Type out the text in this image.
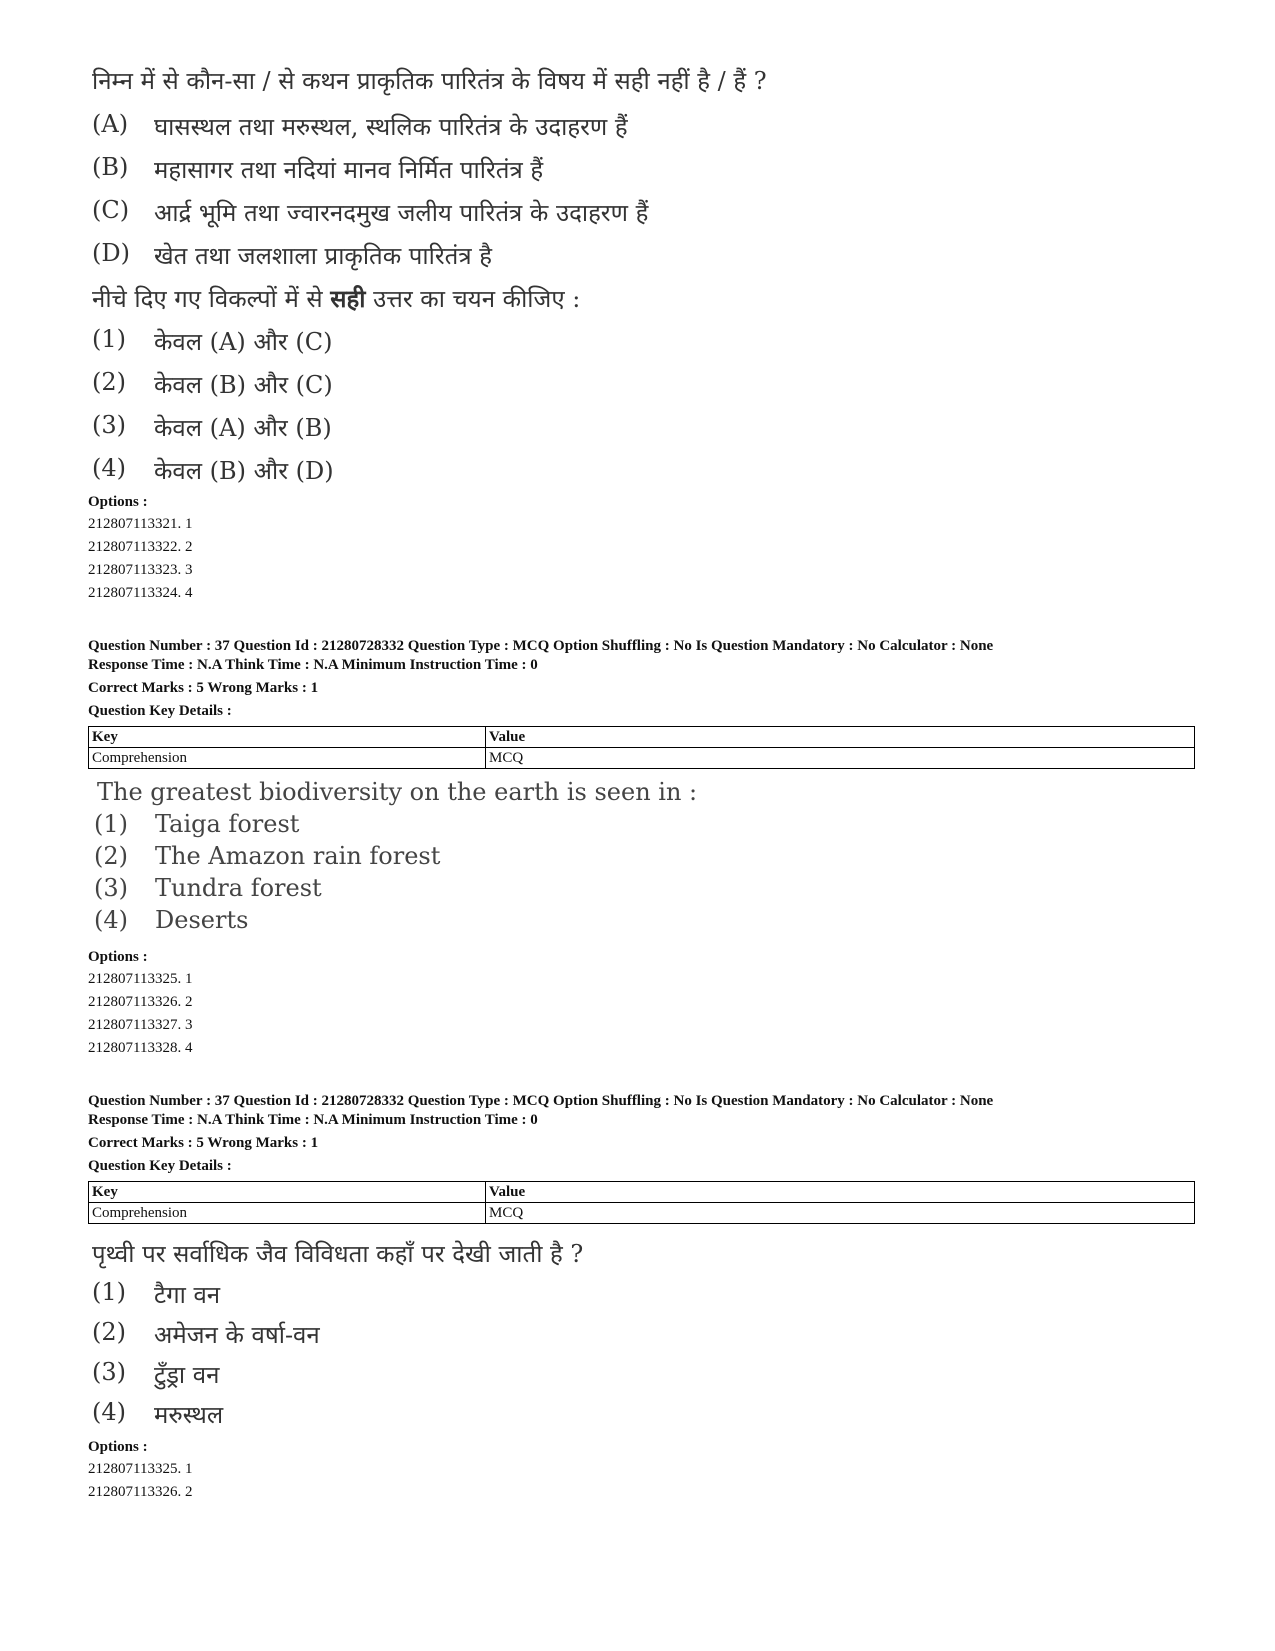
निम्न में से कौन-सा / से कथन प्राकृतिक पारितंत्र के विषय में सही नहीं है / हैं ?
(A) घासस्थल तथा मरुस्थल, स्थलिक पारितंत्र के उदाहरण हैं
(B) महासागर तथा नदियां मानव निर्मित पारितंत्र हैं
(C) आर्द्र भूमि तथा ज्वारनदमुख जलीय पारितंत्र के उदाहरण हैं
(D) खेत तथा जलशाला प्राकृतिक पारितंत्र है
नीचे दिए गए विकल्पों में से सही उत्तर का चयन कीजिए :
(1) केवल (A) और (C)
(2) केवल (B) और (C)
(3) केवल (A) और (B)
(4) केवल (B) और (D)
Options :
212807113321. 1
212807113322. 2
212807113323. 3
212807113324. 4
Question Number : 37 Question Id : 21280728332 Question Type : MCQ Option Shuffling : No Is Question Mandatory : No Calculator : None
Response Time : N.A Think Time : N.A Minimum Instruction Time : 0
Correct Marks : 5 Wrong Marks : 1
Question Key Details :
Key	Value
Comprehension	MCQ
The greatest biodiversity on the earth is seen in :
(1) Taiga forest
(2) The Amazon rain forest
(3) Tundra forest
(4) Deserts
Options :
212807113325. 1
212807113326. 2
212807113327. 3
212807113328. 4
Question Number : 37 Question Id : 21280728332 Question Type : MCQ Option Shuffling : No Is Question Mandatory : No Calculator : None
Response Time : N.A Think Time : N.A Minimum Instruction Time : 0
Correct Marks : 5 Wrong Marks : 1
Question Key Details :
Key	Value
Comprehension	MCQ
पृथ्वी पर सर्वाधिक जैव विविधता कहाँ पर देखी जाती है ?
(1) टैगा वन
(2) अमेजन के वर्षा-वन
(3) टुँड्रा वन
(4) मरुस्थल
Options :
212807113325. 1
212807113326. 2
